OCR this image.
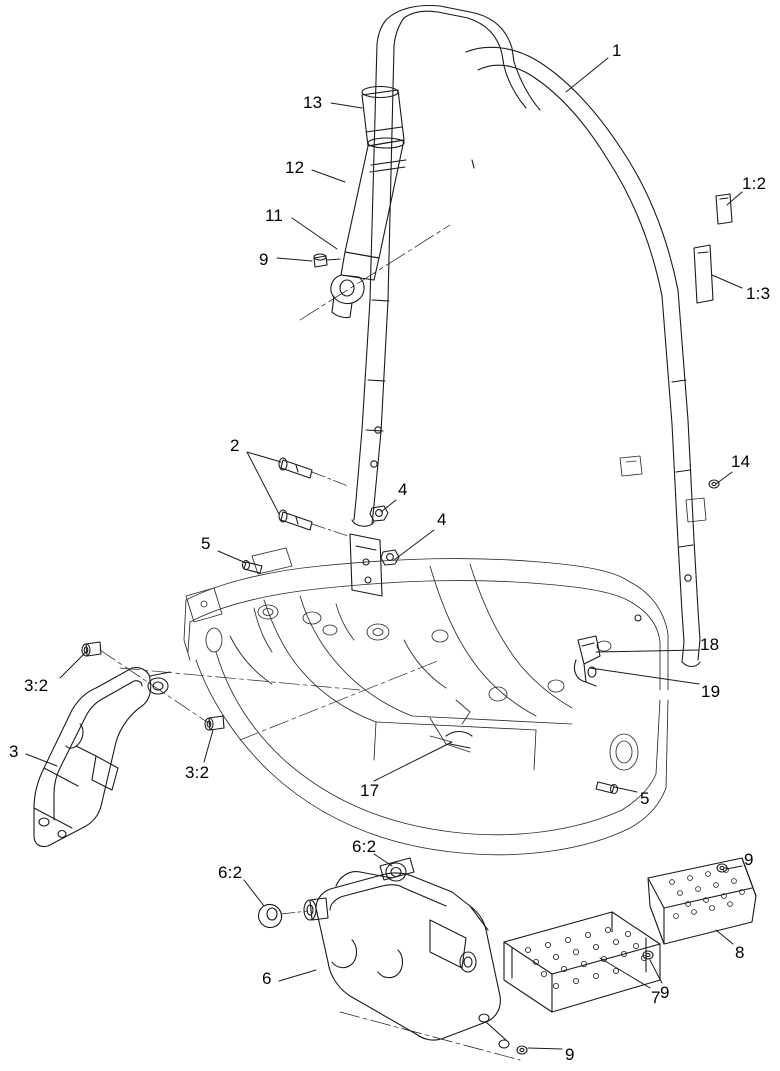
1
13
12
11
9
1:2
1:3
2
4
4
5
14
3:2
3
3:2
17
18
19
5
6:2
6:2
9
8
9
6
7
9
